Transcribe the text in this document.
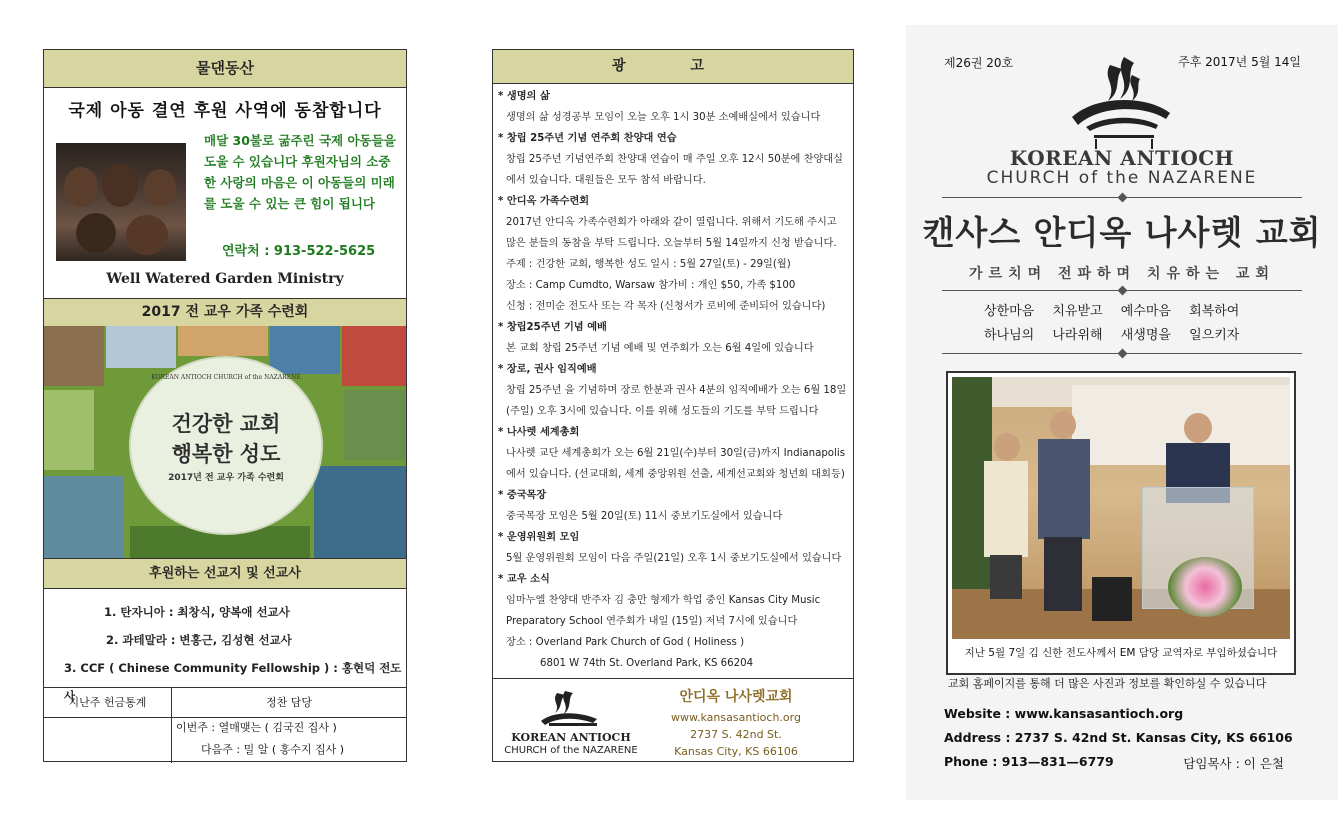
물댄동산
국제 아동 결연 후원 사역에 동참합니다
매달 30불로 굶주린 국제 아동들을 도울 수 있습니다 후원자님의 소중한 사랑의 마음은 이 아동들의 미래를 도울 수 있는 큰 힘이 됩니다
연락처 : 913-522-5625
Well Watered Garden Ministry
2017 전 교우 가족 수련회
KOREAN ANTIOCH CHURCH of the NAZARENE
건강한 교회
행복한 성도
2017년 전 교우 가족 수련회
후원하는 선교지 및 선교사
1. 탄자니아 : 최창식, 양복애 선교사
2. 과테말라 : 변홍근, 김성현 선교사
3. CCF ( Chinese Community Fellowship ) : 홍현덕 전도사
지난주 헌금통계	정찬 담당
이번주 : 열매맺는 ( 김국진 집사 )
다음주 : 밀 알 ( 홍수지 집사 )
광 고
* 생명의 삶
생명의 삶 성경공부 모임이 오늘 오후 1시 30분 소예배실에서 있습니다
* 창립 25주년 기념 연주회 찬양대 연습
창립 25주년 기념연주회 찬양대 연습이 매 주일 오후 12시 50분에 찬양대실
에서 있습니다. 대원들은 모두 참석 바랍니다.
* 안디옥 가족수련회
2017년 안디옥 가족수련회가 아래와 같이 열립니다. 위해서 기도해 주시고
많은 분들의 동참을 부탁 드립니다. 오늘부터 5월 14일까지 신청 받습니다.
주제 : 건강한 교회, 행복한 성도 일시 : 5월 27일(토) - 29일(월)
장소 : Camp Cumdto, Warsaw 참가비 : 개인 $50, 가족 $100
신청 : 전미순 전도사 또는 각 목자 (신청서가 로비에 준비되어 있습니다)
* 창립25주년 기념 예배
본 교회 창립 25주년 기념 예배 및 연주회가 오는 6월 4일에 있습니다
* 장로, 권사 임직예배
창립 25주년 을 기념하며 장로 한분과 권사 4분의 임직예배가 오는 6월 18일
(주일) 오후 3시에 있습니다. 이를 위해 성도들의 기도를 부탁 드립니다
* 나사렛 세계총회
나사렛 교단 세계총회가 오는 6월 21일(수)부터 30일(금)까지 Indianapolis
에서 있습니다. (선교대회, 세계 중앙위원 선출, 세계선교회와 청년회 대회등)
* 중국목장
중국목장 모임은 5월 20일(토) 11시 중보기도실에서 있습니다
* 운영위원회 모임
5월 운영위원회 모임이 다음 주일(21일) 오후 1시 중보기도실에서 있습니다
* 교우 소식
임마누엘 찬양대 반주자 김 충만 형제가 학업 중인 Kansas City Music
Preparatory School 연주회가 내일 (15일) 저녁 7시에 있습니다
장소 : Overland Park Church of God ( Holiness )
6801 W 74th St. Overland Park, KS 66204
KOREAN ANTIOCH
CHURCH of the NAZARENE
안디옥 나사렛교회
www.kansasantioch.org
2737 S. 42nd St.
Kansas City, KS 66106
제26권 20호	주후 2017년 5월 14일
KOREAN ANTIOCH
CHURCH of the NAZARENE
캔사스 안디옥 나사렛 교회
가르치며 전파하며 치유하는 교회
상한마음 치유받고 예수마음 회복하여
하나님의 나라위해 새생명을 일으키자
지난 5월 7일 김 신한 전도사께서 EM 담당 교역자로 부임하셨습니다
교회 홈페이지를 통해 더 많은 사진과 정보를 확인하실 수 있습니다
Website : www.kansasantioch.org
Address : 2737 S. 42nd St. Kansas City, KS 66106
Phone : 913—831—6779	담임목사 : 이 은철
